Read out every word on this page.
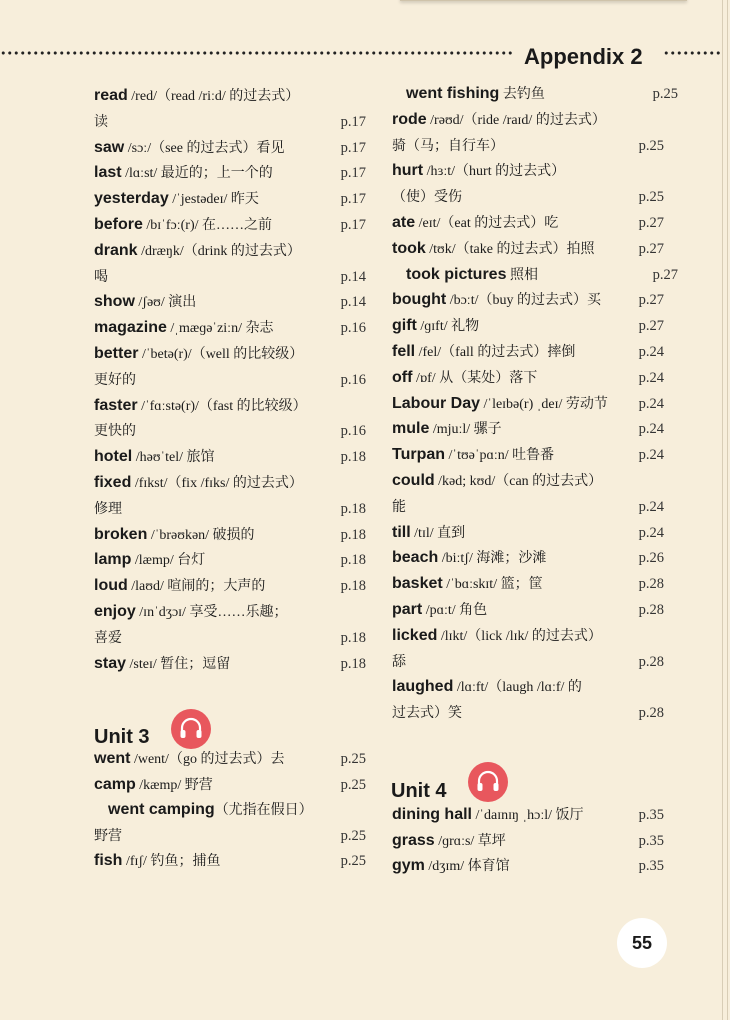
Appendix 2
read /red/（read /riːd/ 的过去式）
读	p.17
saw /sɔː/（see 的过去式）看见	p.17
last /lɑːst/ 最近的；上一个的	p.17
yesterday /ˈjestədeɪ/ 昨天	p.17
before /bɪˈfɔː(r)/ 在……之前	p.17
drank /dræŋk/（drink 的过去式）
喝	p.14
show /ʃəʊ/ 演出	p.14
magazine /ˌmæɡəˈziːn/ 杂志	p.16
better /ˈbetə(r)/（well 的比较级）
更好的	p.16
faster /ˈfɑːstə(r)/（fast 的比较级）
更快的	p.16
hotel /həʊˈtel/ 旅馆	p.18
fixed /fɪkst/（fix /fɪks/ 的过去式）
修理	p.18
broken /ˈbrəʊkən/ 破损的	p.18
lamp /læmp/ 台灯	p.18
loud /laʊd/ 喧闹的；大声的	p.18
enjoy /ɪnˈdʒɔɪ/ 享受……乐趣；
喜爱	p.18
stay /steɪ/ 暂住；逗留	p.18
went /went/（go 的过去式）去	p.25
camp /kæmp/ 野营	p.25
went camping（尤指在假日）
野营	p.25
fish /fɪʃ/ 钓鱼；捕鱼	p.25
went fishing 去钓鱼	p.25
rode /rəʊd/（ride /raɪd/ 的过去式）
骑（马；自行车）	p.25
hurt /hɜːt/（hurt 的过去式）
（使）受伤	p.25
ate /eɪt/（eat 的过去式）吃	p.27
took /tʊk/（take 的过去式）拍照	p.27
took pictures 照相	p.27
bought /bɔːt/（buy 的过去式）买	p.27
gift /ɡɪft/ 礼物	p.27
fell /fel/（fall 的过去式）摔倒	p.24
off /ɒf/ 从（某处）落下	p.24
Labour Day /ˈleɪbə(r) ˌdeɪ/ 劳动节 p.24
mule /mjuːl/ 骡子	p.24
Turpan /ˈtʊəˈpɑːn/ 吐鲁番	p.24
could /kəd; kʊd/（can 的过去式）
能	p.24
till /tɪl/ 直到	p.24
beach /biːtʃ/ 海滩；沙滩	p.26
basket /ˈbɑːskɪt/ 篮；筐	p.28
part /pɑːt/ 角色	p.28
licked /lɪkt/（lick /lɪk/ 的过去式）
舔	p.28
laughed /lɑːft/（laugh /lɑːf/ 的
过去式）笑	p.28
dining hall /ˈdaɪnɪŋ ˌhɔːl/ 饭厅	p.35
grass /ɡrɑːs/ 草坪	p.35
gym /dʒɪm/ 体育馆	p.35
Unit 3
Unit 4
55
